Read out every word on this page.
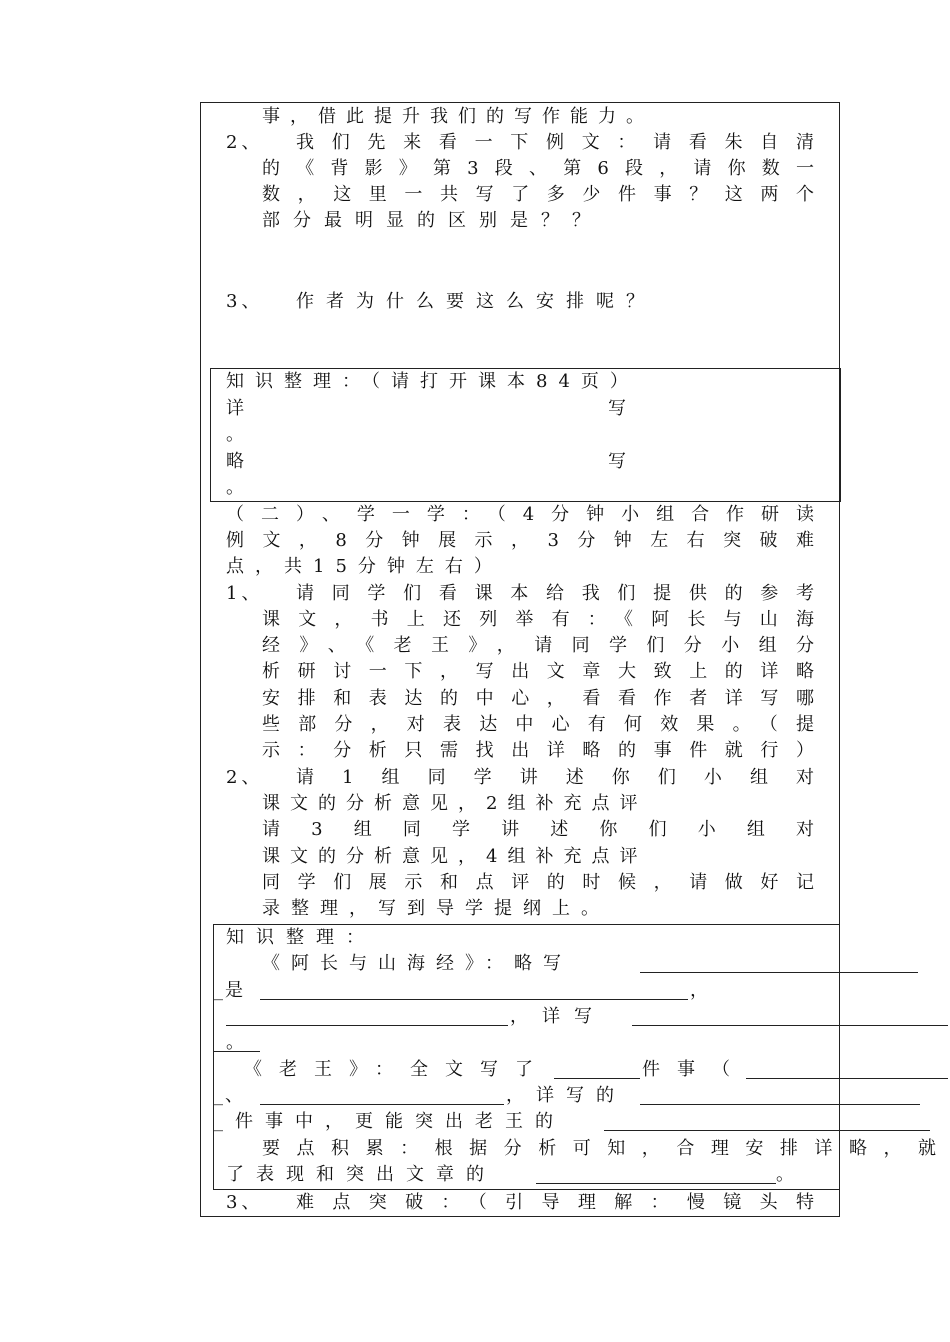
事，借此提升我们的写作能力。
2、 我们先来看一下例文：请看朱自清
的《背影》第3段、第6段，请你数一
数，这里一共写了多少件事？这两个
部分最明显的区别是？？
3、 作者为什么要这么安排呢？
知识整理：（请打开课本84页）
详	写
。
略	写
。
（二）、学一学：（4分钟小组合作研读
例文，8分钟展示，3分钟左右突破难
点，共15分钟左右）
1、 请同学们看课本给我们提供的参考
课文，书上还列举有：《阿长与山海
经》、《老王》，请同学们分小组分
析研讨一下，写出文章大致上的详略
安排和表达的中心，看看作者详写哪
些部分，对表达中心有何效果。（提
示：分析只需找出详略的事件就行）
2、 请1组同学讲述你们小组对
课文的分析意见，2组补充点评
请3组同学讲述你们小组对
课文的分析意见，4组补充点评
同学们展示和点评的时候，请做好记
录整理，写到导学提纲上。
知识整理：
《阿长与山海经》：略写
_是	，
，详写
。
《老王》：全文写了	件事（
_、	，详写的
_件事中，更能突出老王的
要点积累：根据分析可知，合理安排详略，就
了表现和突出文章的	。
3、 难点突破：（引导理解：慢镜头特
